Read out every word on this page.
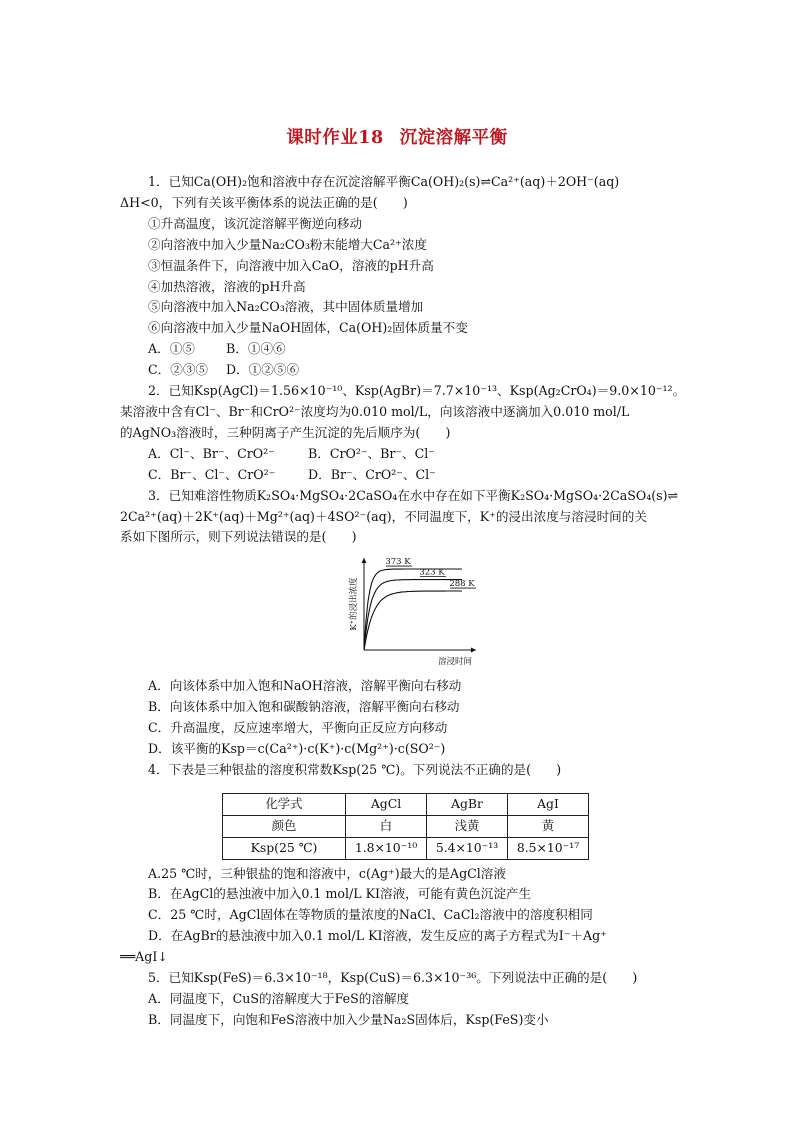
课时作业18 沉淀溶解平衡
1．已知Ca(OH)₂饱和溶液中存在沉淀溶解平衡Ca(OH)₂(s)⇌Ca²⁺(aq)＋2OH⁻(aq)
ΔH<0，下列有关该平衡体系的说法正确的是(　　)
①升高温度，该沉淀溶解平衡逆向移动
②向溶液中加入少量Na₂CO₃粉末能增大Ca²⁺浓度
③恒温条件下，向溶液中加入CaO，溶液的pH升高
④加热溶液，溶液的pH升高
⑤向溶液中加入Na₂CO₃溶液，其中固体质量增加
⑥向溶液中加入少量NaOH固体，Ca(OH)₂固体质量不变
A．①⑤	B．①④⑥
C．②③⑤	D．①②⑤⑥
2．已知Ksp(AgCl)＝1.56×10⁻¹⁰、Ksp(AgBr)＝7.7×10⁻¹³、Ksp(Ag₂CrO₄)＝9.0×10⁻¹²。
某溶液中含有Cl⁻、Br⁻和CrO²⁻浓度均为0.010 mol/L，向该溶液中逐滴加入0.010 mol/L
的AgNO₃溶液时，三种阴离子产生沉淀的先后顺序为(　　)
A．Cl⁻、Br⁻、CrO²⁻	B．CrO²⁻、Br⁻、Cl⁻
C．Br⁻、Cl⁻、CrO²⁻	D．Br⁻、CrO²⁻、Cl⁻
3．已知难溶性物质K₂SO₄·MgSO₄·2CaSO₄在水中存在如下平衡K₂SO₄·MgSO₄·2CaSO₄(s)⇌
2Ca²⁺(aq)＋2K⁺(aq)＋Mg²⁺(aq)＋4SO²⁻(aq)，不同温度下，K⁺的浸出浓度与溶浸时间的关
系如下图所示，则下列说法错误的是(　　)
溶浸时间
K⁺的浸出浓度
373 K
323 K
288 K
A．向该体系中加入饱和NaOH溶液，溶解平衡向右移动
B．向该体系中加入饱和碳酸钠溶液，溶解平衡向右移动
C．升高温度，反应速率增大，平衡向正反应方向移动
D．该平衡的Ksp＝c(Ca²⁺)·c(K⁺)·c(Mg²⁺)·c(SO²⁻)
4．下表是三种银盐的溶度积常数Ksp(25 ℃)。下列说法不正确的是(　　)
化学式	AgCl	AgBr	AgI
颜色	白	浅黄	黄
Ksp(25 ℃)	1.8×10⁻¹⁰	5.4×10⁻¹³	8.5×10⁻¹⁷
A.25 ℃时，三种银盐的饱和溶液中，c(Ag⁺)最大的是AgCl溶液
B．在AgCl的悬浊液中加入0.1 mol/L KI溶液，可能有黄色沉淀产生
C．25 ℃时，AgCl固体在等物质的量浓度的NaCl、CaCl₂溶液中的溶度积相同
D．在AgBr的悬浊液中加入0.1 mol/L KI溶液，发生反应的离子方程式为I⁻＋Ag⁺
══AgI↓
5．已知Ksp(FeS)＝6.3×10⁻¹⁸，Ksp(CuS)＝6.3×10⁻³⁶。下列说法中正确的是(　　)
A．同温度下，CuS的溶解度大于FeS的溶解度
B．同温度下，向饱和FeS溶液中加入少量Na₂S固体后，Ksp(FeS)变小
